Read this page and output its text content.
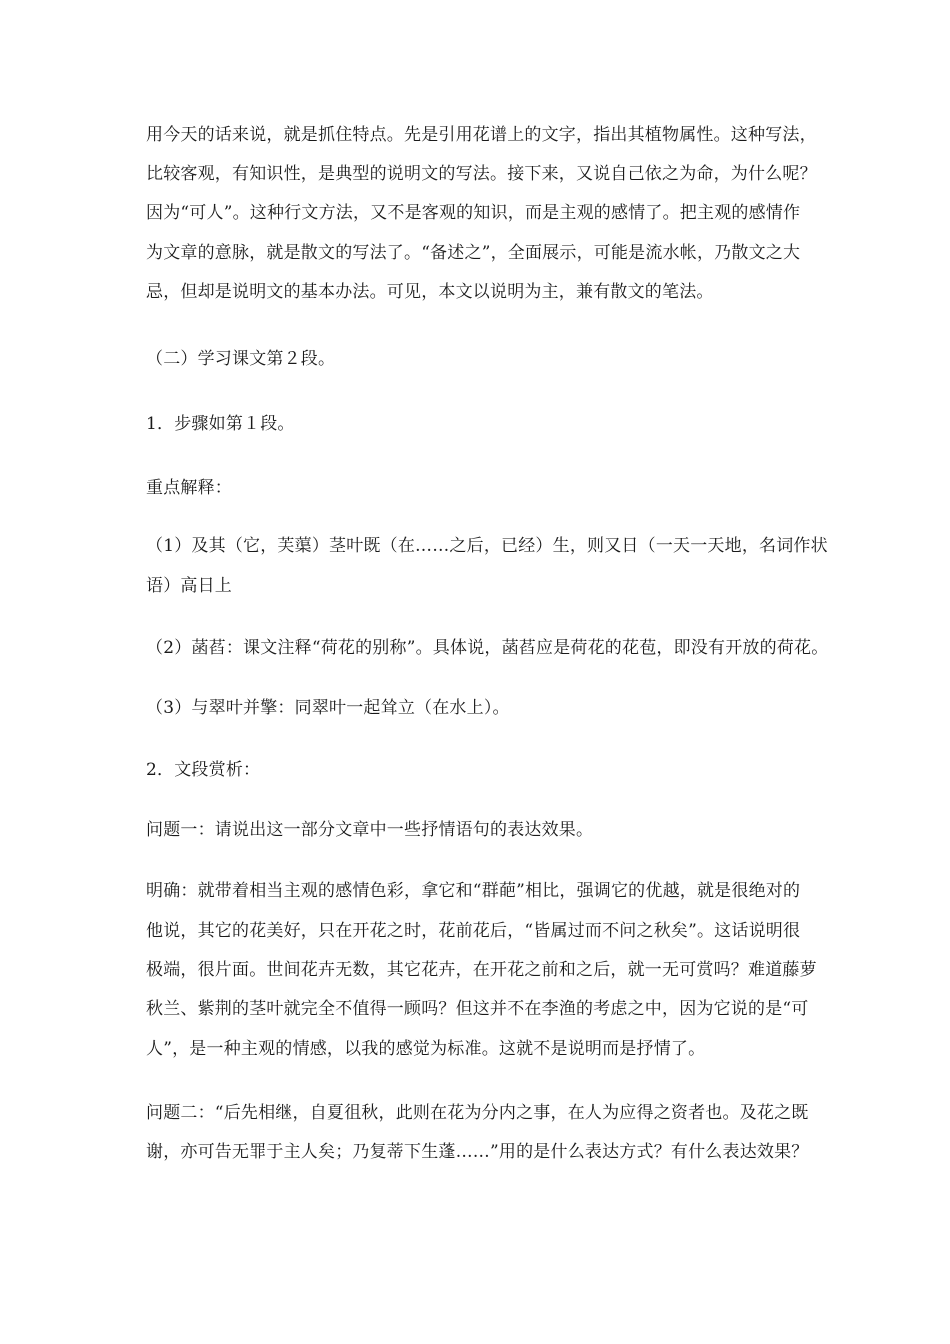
用今天的话来说，就是抓住特点。先是引用花谱上的文字，指出其植物属性。这种写法，
比较客观，有知识性，是典型的说明文的写法。接下来，又说自己依之为命，为什么呢？
因为“可人”。这种行文方法，又不是客观的知识，而是主观的感情了。把主观的感情作
为文章的意脉，就是散文的写法了。“备述之”，全面展示，可能是流水帐，乃散文之大
忌，但却是说明文的基本办法。可见，本文以说明为主，兼有散文的笔法。
（二）学习课文第２段。
1．步骤如第１段。
重点解释：
（1）及其（它，芙蕖）茎叶既（在……之后，已经）生，则又日（一天一天地，名词作状
语）高日上
（2）菡萏：课文注释“荷花的别称”。具体说，菡萏应是荷花的花苞，即没有开放的荷花。
（3）与翠叶并擎：同翠叶一起耸立（在水上）。
2．文段赏析：
问题一：请说出这一部分文章中一些抒情语句的表达效果。
明确：就带着相当主观的感情色彩，拿它和“群葩”相比，强调它的优越，就是很绝对的
他说，其它的花美好，只在开花之时，花前花后，“皆属过而不问之秋矣”。这话说明很
极端，很片面。世间花卉无数，其它花卉，在开花之前和之后，就一无可赏吗？难道藤萝
秋兰、紫荆的茎叶就完全不值得一顾吗？但这并不在李渔的考虑之中，因为它说的是“可
人”，是一种主观的情感，以我的感觉为标准。这就不是说明而是抒情了。
问题二：“后先相继，自夏徂秋，此则在花为分内之事，在人为应得之资者也。及花之既
谢，亦可告无罪于主人矣；乃复蒂下生蓬……”用的是什么表达方式？有什么表达效果？
